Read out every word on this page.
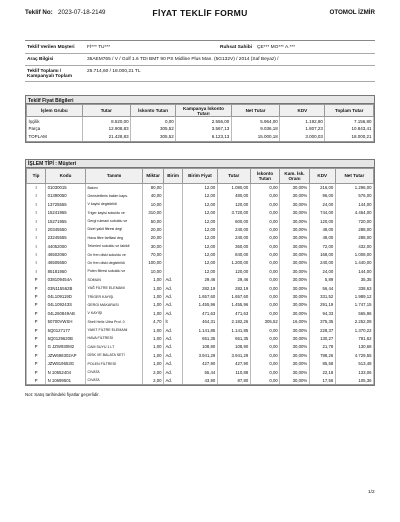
Teklif No: 2023-07-18-2149	FİYAT TEKLİF FORMU	OTOMOL İZMİR
Teklif Verilen Müşteri	Fİ*** TU***	Ruhsat Sahibi ÇE*** MO*** A.***
Araç Bilgisi	35AEM765 / V / Golf 1.6 TDI BMT 90 PS Midline Plus Man. (5G132V) / 2014 (Saf Beyaz) /
Teklif Toplamı /
Kampanyalı Toplam
25.714,60 / 18.000,21 TL
Teklif Fiyat Bilgileri
İşlem Grubu	Tutar	İskonto Tutarı	Kampanya İskonto Tutarı	Net Tutar	KDV	Toplam Tutar
İşçilik	8.520,00	0,00	2.556,00	5.964,00	1.192,80	7.156,80
Parça	12.908,83	305,52	3.567,13	9.036,18	1.807,23	10.843,41
TOPLAM	21.428,83	305,52	6.123,13	15.000,18	3.000,03	18.000,21
İŞLEM TİPİ : Müşteri
Tip	Kodu	Tanımı	Miktar	Birim	Birim Fiyat	Tutar	İskonto Tutarı	Kam. İsk. Oranı	KDV	Net Tutar
I	01030015	Bakım	80,00		12,00	1.080,00	0,00	30,00%	216,00	1.296,00
I	01390050	Genisletilmis bakim kaps.	40,00		12,00	480,00	0,00	30,00%	96,00	576,00
I	13725555	V kayisi degistirildi	10,00		12,00	120,00	0,00	30,00%	24,00	144,00
I	15241955	Triger kayisi sokuldu ve	310,00		12,00	3.720,00	0,00	30,00%	744,00	4.464,00
I	15271955	Gergi rulmani sokuldu ve	50,00		12,00	600,00	0,00	30,00%	120,00	720,00
I	20345550	Dizel yakit filtresi degi	20,00		12,00	240,00	0,00	30,00%	48,00	288,00
I	23245555	Hava filtre farfilasi deg	20,00		12,00	240,00	0,00	30,00%	48,00	288,00
I	44052000	Tekerleri sokuldu ve takildi	30,00		12,00	360,00	0,00	30,00%	72,00	432,00
I	46502060	On fren diski sokuldu ve	70,00		12,00	840,00	0,00	30,00%	168,00	1.008,00
I	46505650	On fren diski degistirildi	100,00		12,00	1.200,00	0,00	30,00%	240,00	1.440,00
I	85181950	Polen filtresi sokuldu ve	10,00		12,00	120,00	0,00	30,00%	24,00	144,00
P	038109454A	SOMUN	1,00	Ad.	29,46	29,46	0,00	30,00%	5,89	35,35
P	03N115562B	YAĞ FİLTRE ELEMANI	1,00	Ad.	282,19	282,19	0,00	30,00%	56,44	338,63
P	04L109119D	TRİGER KAYIŞI	1,00	Ad.	1.657,60	1.657,60	0,00	30,00%	331,52	1.989,12
P	04L109243S	GERGİ MAKARASI	1,00	Ad.	1.455,96	1.455,96	0,00	30,00%	291,19	1.747,15
P	04L260849AB	V KAYIŞI	1,00	Ad.	471,63	471,63	0,00	30,00%	94,33	565,96
P	50700VWSH	Shell Helix Ultra Prof. 0	4,70	lt	464,31	2.182,26	305,52	16,00%	375,35	2.252,08
P	5Q0127177	YAKIT FİLTRE ELEMANI	1,00	Ad.	1.141,85	1.141,85	0,00	30,00%	228,37	1.370,22
P	5Q0129620B	HAVA FİLTRESİ	1,00	Ad.	651,35	651,35	0,00	30,00%	130,27	781,62
P	G JZW930M2	CAM SUYU 1 LT	1,00	Ad.	108,90	108,90	0,00	30,00%	21,78	130,68
P	JZW698302AP	DİSK VE BALATA SETİ	1,00	Ad.	3.941,29	3.941,29	0,00	30,00%	788,26	4.729,55
P	JZW819653G	POLEN FİLTRESİ	1,00	Ad.	427,90	427,90	0,00	30,00%	85,58	513,48
P	N 10552404	CIVATA	2,00	Ad.	55,44	110,88	0,00	30,00%	22,18	133,06
P	N 10699501	CIVATA	2,00	Ad.	43,90	87,80	0,00	30,00%	17,56	105,36
Not: Satış tarihindeki fiyatlar geçerlidir.
1/2
